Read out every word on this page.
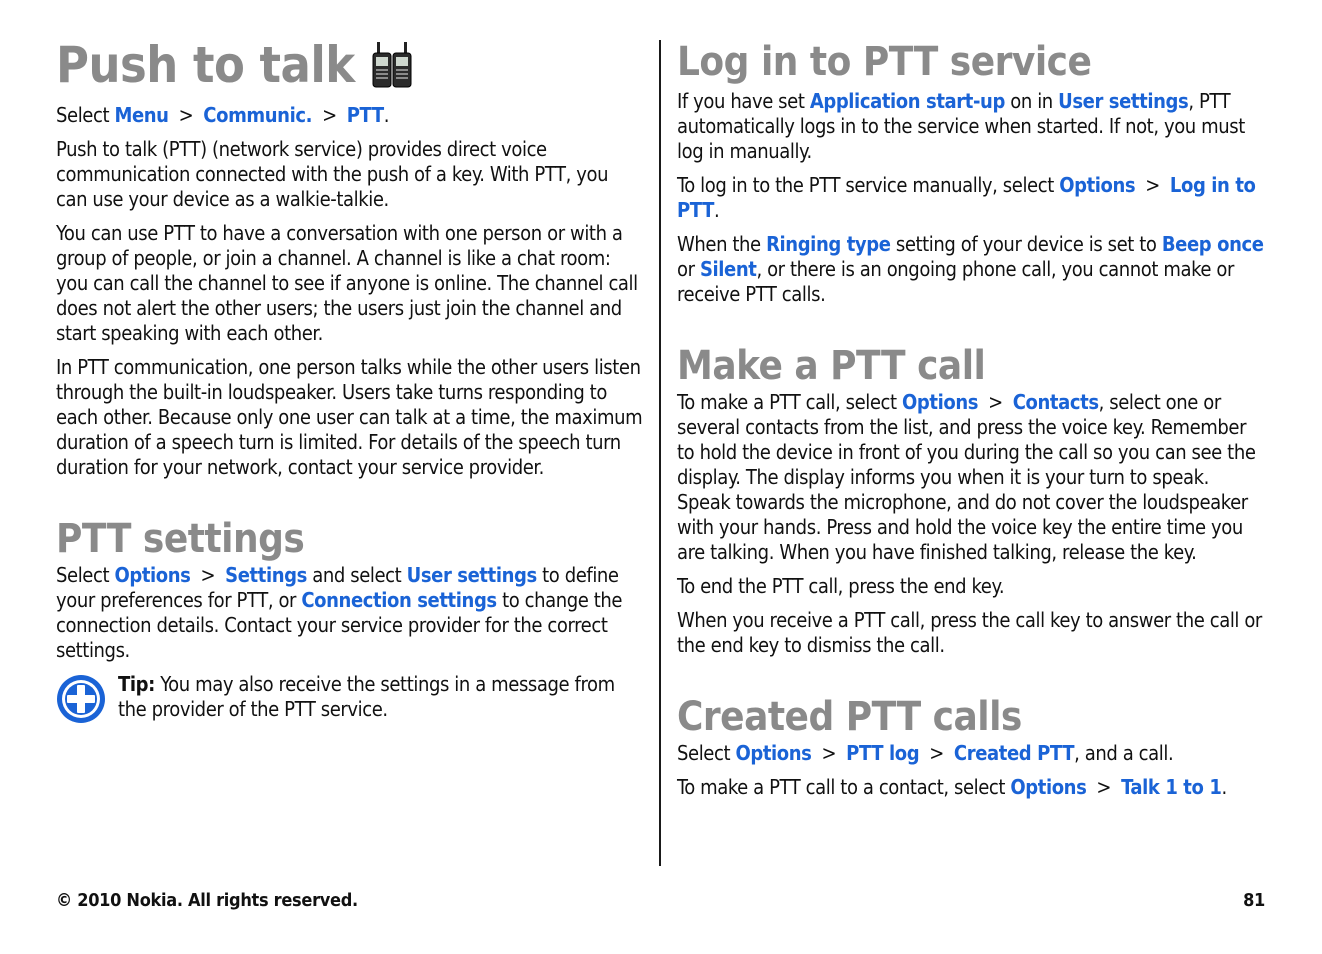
Push to talk

Select Menu > Communic. > PTT.

Push to talk (PTT) (network service) provides direct voice communication connected with the push of a key. With PTT, you can use your device as a walkie-talkie.

You can use PTT to have a conversation with one person or with a group of people, or join a channel. A channel is like a chat room: you can call the channel to see if anyone is online. The channel call does not alert the other users; the users just join the channel and start speaking with each other.

In PTT communication, one person talks while the other users listen through the built-in loudspeaker. Users take turns responding to each other. Because only one user can talk at a time, the maximum duration of a speech turn is limited. For details of the speech turn duration for your network, contact your service provider.

PTT settings

Select Options > Settings and select User settings to define your preferences for PTT, or Connection settings to change the connection details. Contact your service provider for the correct settings.

Tip: You may also receive the settings in a message from the provider of the PTT service.

Log in to PTT service

If you have set Application start-up on in User settings, PTT automatically logs in to the service when started. If not, you must log in manually.

To log in to the PTT service manually, select Options > Log in to PTT.

When the Ringing type setting of your device is set to Beep once or Silent, or there is an ongoing phone call, you cannot make or receive PTT calls.

Make a PTT call

To make a PTT call, select Options > Contacts, select one or several contacts from the list, and press the voice key. Remember to hold the device in front of you during the call so you can see the display. The display informs you when it is your turn to speak. Speak towards the microphone, and do not cover the loudspeaker with your hands. Press and hold the voice key the entire time you are talking. When you have finished talking, release the key.

To end the PTT call, press the end key.

When you receive a PTT call, press the call key to answer the call or the end key to dismiss the call.

Created PTT calls

Select Options > PTT log > Created PTT, and a call.

To make a PTT call to a contact, select Options > Talk 1 to 1.

© 2010 Nokia. All rights reserved.	81
